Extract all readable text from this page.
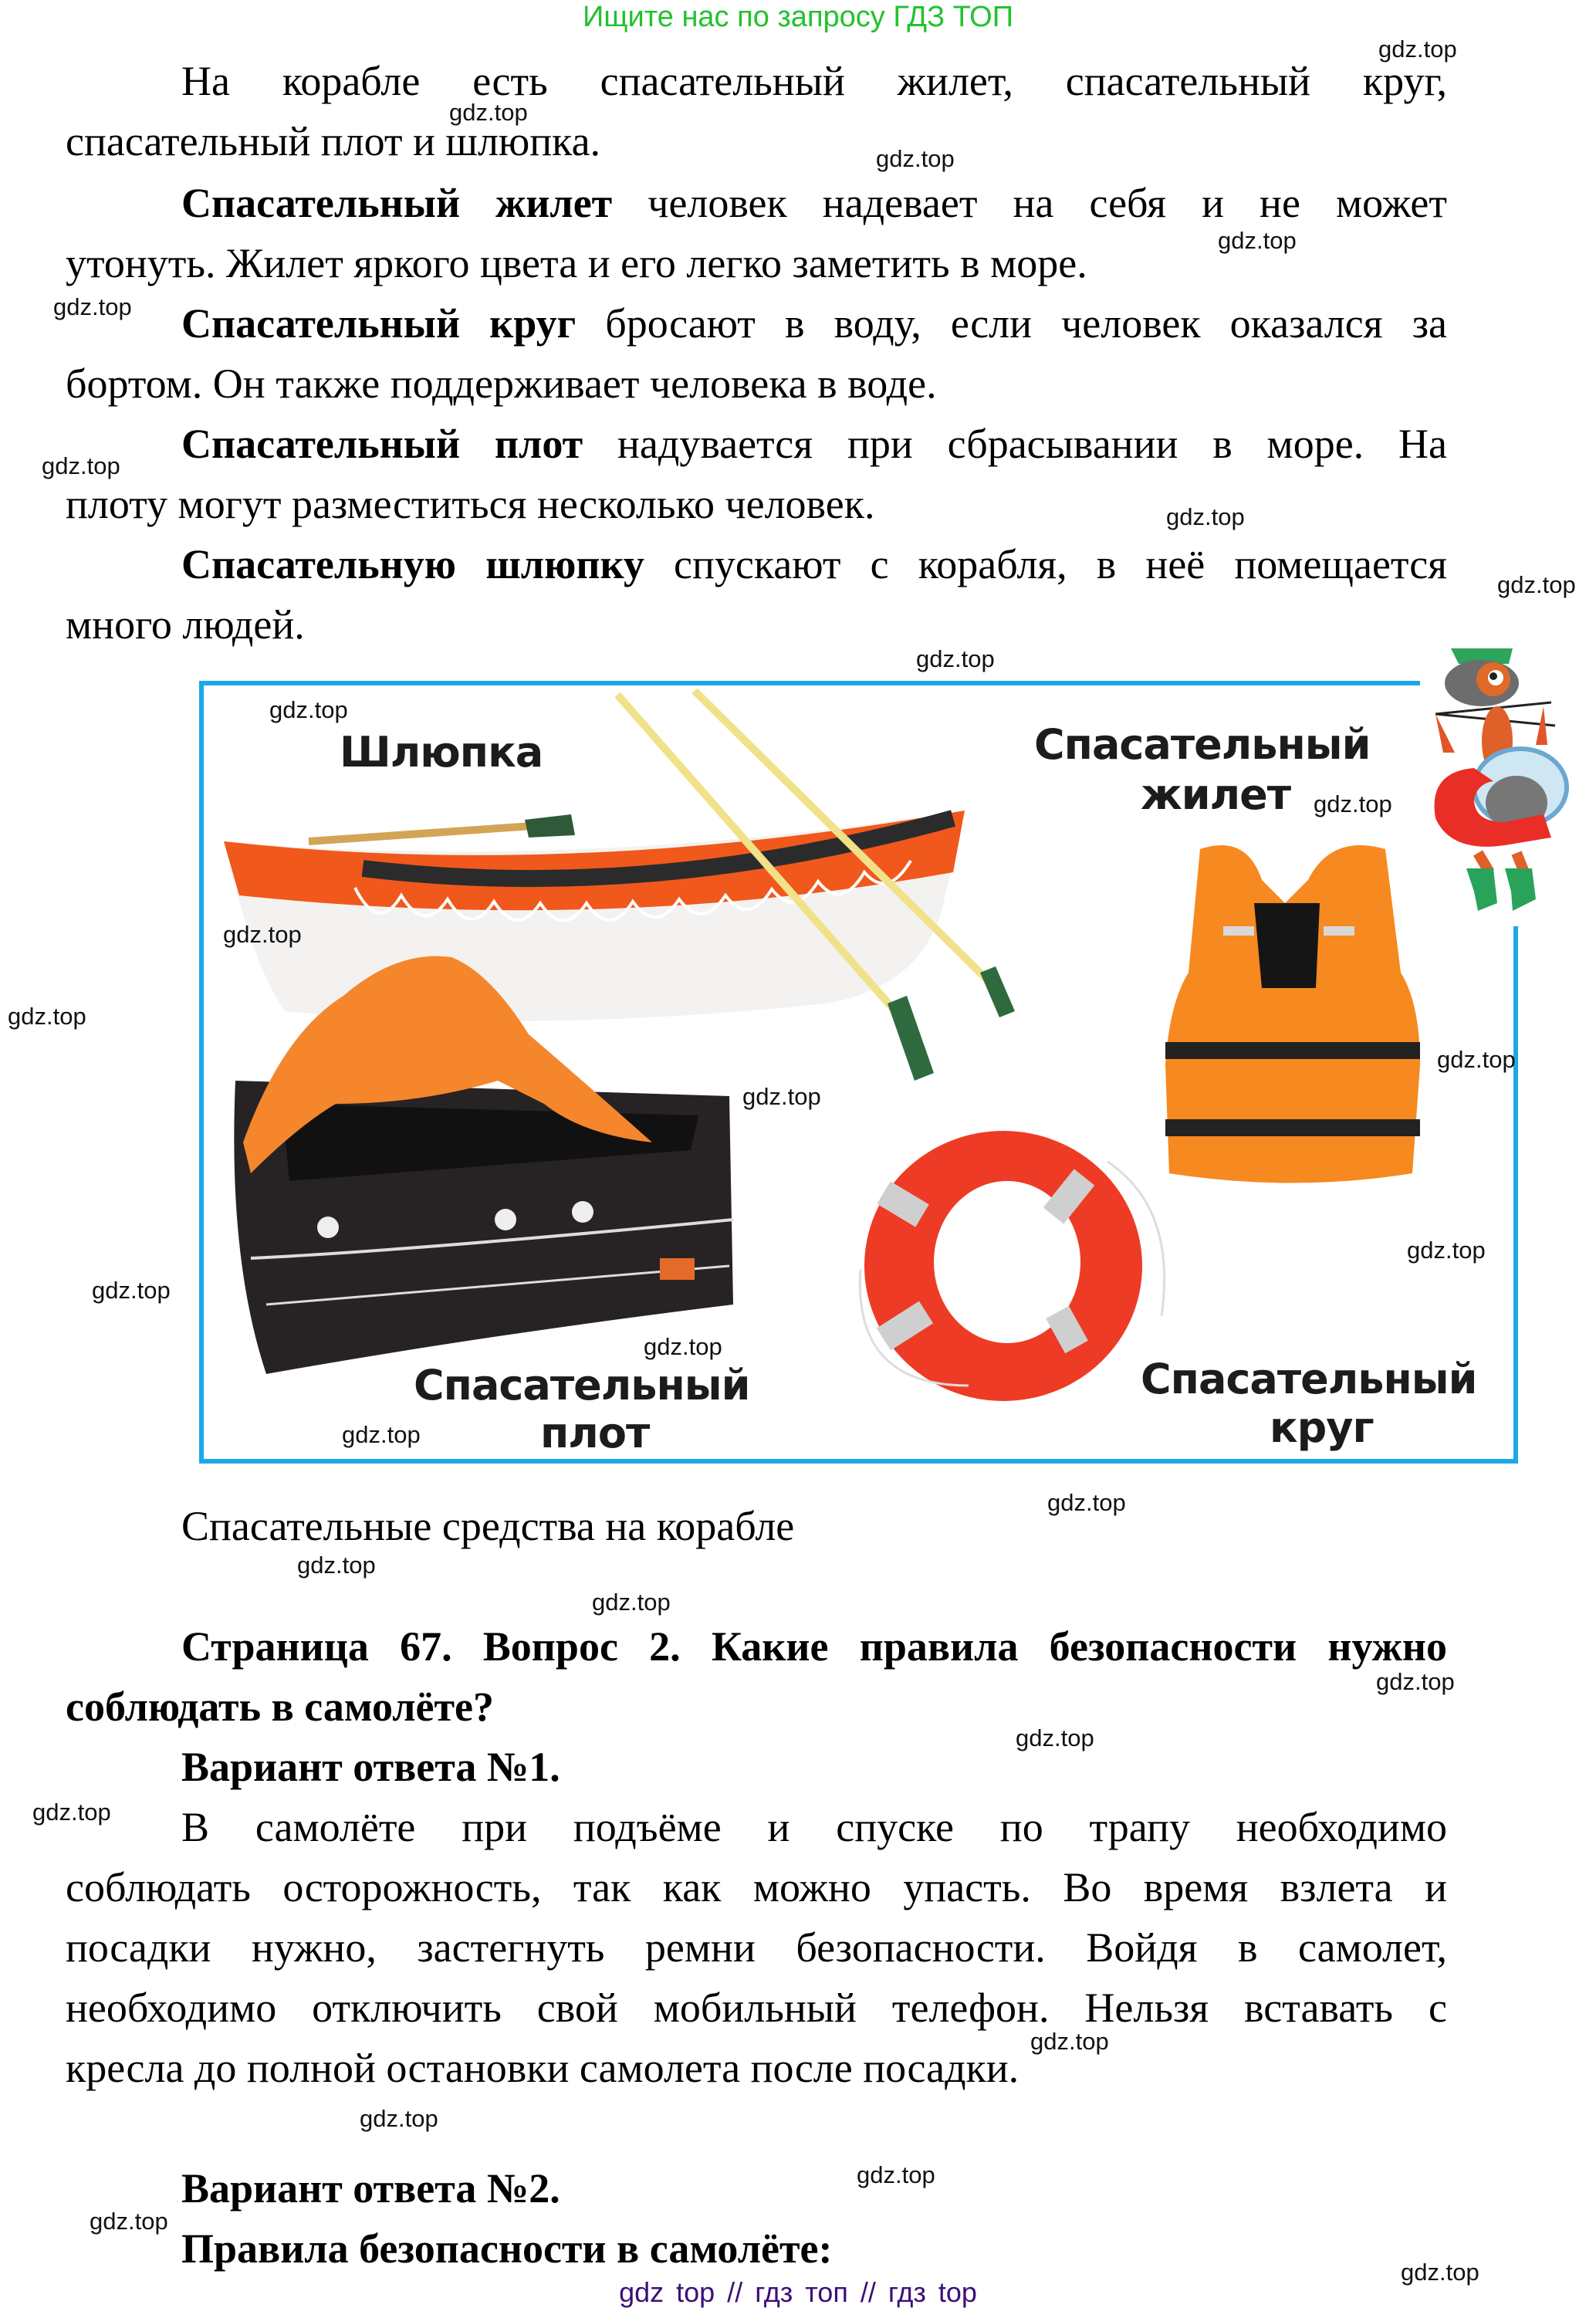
Ищите нас по запросу ГДЗ ТОП
На корабле есть спасательный жилет, спасательный круг,
спасательный плот и шлюпка.
Спасательный жилет человек надевает на себя и не может
утонуть. Жилет яркого цвета и его легко заметить в море.
Спасательный круг бросают в воду, если человек оказался за
бортом. Он также поддерживает человека в воде.
Спасательный плот надувается при сбрасывании в море. На
плоту могут разместиться несколько человек.
Спасательную шлюпку спускают с корабля, в неё помещается
много людей.
Шлюпка	Спасательный
жилет
Спасательный
плот
Спасательный
круг
Спасательные средства на корабле
Страница 67. Вопрос 2. Какие правила безопасности нужно
соблюдать в самолёте?
Вариант ответа №1.
В самолёте при подъёме и спуске по трапу необходимо
соблюдать осторожность, так как можно упасть. Во время взлета и
посадки нужно, застегнуть ремни безопасности. Войдя в самолет,
необходимо отключить свой мобильный телефон. Нельзя вставать с
кресла до полной остановки самолета после посадки.
Вариант ответа №2.
Правила безопасности в самолёте:
gdz.top
gdz.top
gdz.top
gdz.top
gdz.top
gdz.top
gdz.top
gdz.top
gdz.top
gdz.top
gdz.top
gdz.top
gdz.top
gdz.top
gdz.top
gdz.top
gdz.top
gdz.top
gdz.top
gdz.top
gdz.top
gdz.top
gdz.top
gdz.top
gdz.top
gdz.top
gdz.top
gdz.top
gdz.top
gdz.top
gdz top // гдз топ // гдз top
